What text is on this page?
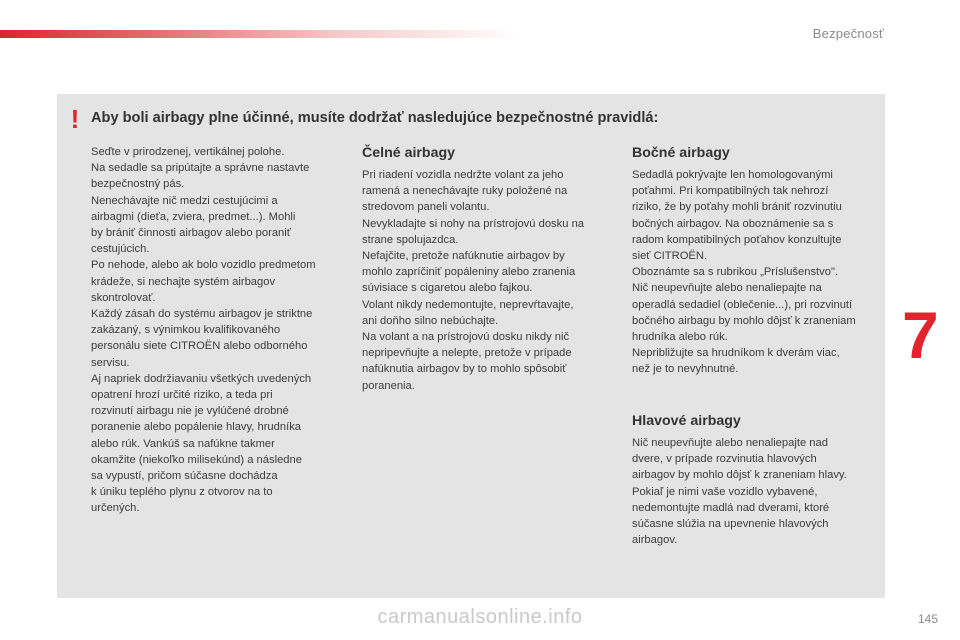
Bezpečnosť
! Aby boli airbagy plne účinné, musíte dodržať nasledujúce bezpečnostné pravidlá:

Seďte v prirodzenej, vertikálnej polohe.
Na sedadle sa pripútajte a správne nastavte
bezpečnostný pás.
Nenechávajte nič medzi cestujúcimi a
airbagmi (dieťa, zviera, predmet...). Mohli
by brániť činnosti airbagov alebo poraniť
cestujúcich.
Po nehode, alebo ak bolo vozidlo predmetom
krádeže, si nechajte systém airbagov
skontrolovať.
Každý zásah do systému airbagov je striktne
zakázaný, s výnimkou kvalifikovaného
personálu siete CITROËN alebo odborného
servisu.
Aj napriek dodržiavaniu všetkých uvedených
opatrení hrozí určité riziko, a teda pri
rozvinutí airbagu nie je vylúčené drobné
poranenie alebo popálenie hlavy, hrudníka
alebo rúk. Vankúš sa nafúkne takmer
okamžite (niekoľko milisekúnd) a následne
sa vypustí, pričom súčasne dochádza
k úniku teplého plynu z otvorov na to
určených.

Čelné airbagy

Pri riadení vozidla nedržte volant za jeho
ramená a nenechávajte ruky položené na
stredovom paneli volantu.
Nevykladajte si nohy na prístrojovú dosku na
strane spolujazdca.
Nefajčite, pretože nafúknutie airbagov by
mohlo zapríčiniť popáleniny alebo zranenia
súvisiace s cigaretou alebo fajkou.
Volant nikdy nedemontujte, neprevŕtavajte,
ani doňho silno nebúchajte.
Na volant a na prístrojovú dosku nikdy nič
nepripevňujte a nelepte, pretože v prípade
nafúknutia airbagov by to mohlo spôsobiť
poranenia.

Bočné airbagy

Sedadlá pokrývajte len homologovanými
poťahmi. Pri kompatibilných tak nehrozí
riziko, že by poťahy mohli brániť rozvinutiu
bočných airbagov. Na oboznámenie sa s
radom kompatibilných poťahov konzultujte
sieť CITROËN.
Oboznámte sa s rubrikou „Príslušenstvo".
Nič neupevňujte alebo nenaliepajte na
operadlá sedadiel (oblečenie...), pri rozvinutí
bočného airbagu by mohlo dôjsť k zraneniam
hrudníka alebo rúk.
Nepribližujte sa hrudníkom k dverám viac,
než je to nevyhnutné.

Hlavové airbagy

Nič neupevňujte alebo nenaliepajte nad
dvere, v prípade rozvinutia hlavových
airbagov by mohlo dôjsť k zraneniam hlavy.
Pokiaľ je nimi vaše vozidlo vybavené,
nedemontujte madlá nad dverami, ktoré
súčasne slúžia na upevnenie hlavových
airbagov.

7
carmanualsonline.info	145
